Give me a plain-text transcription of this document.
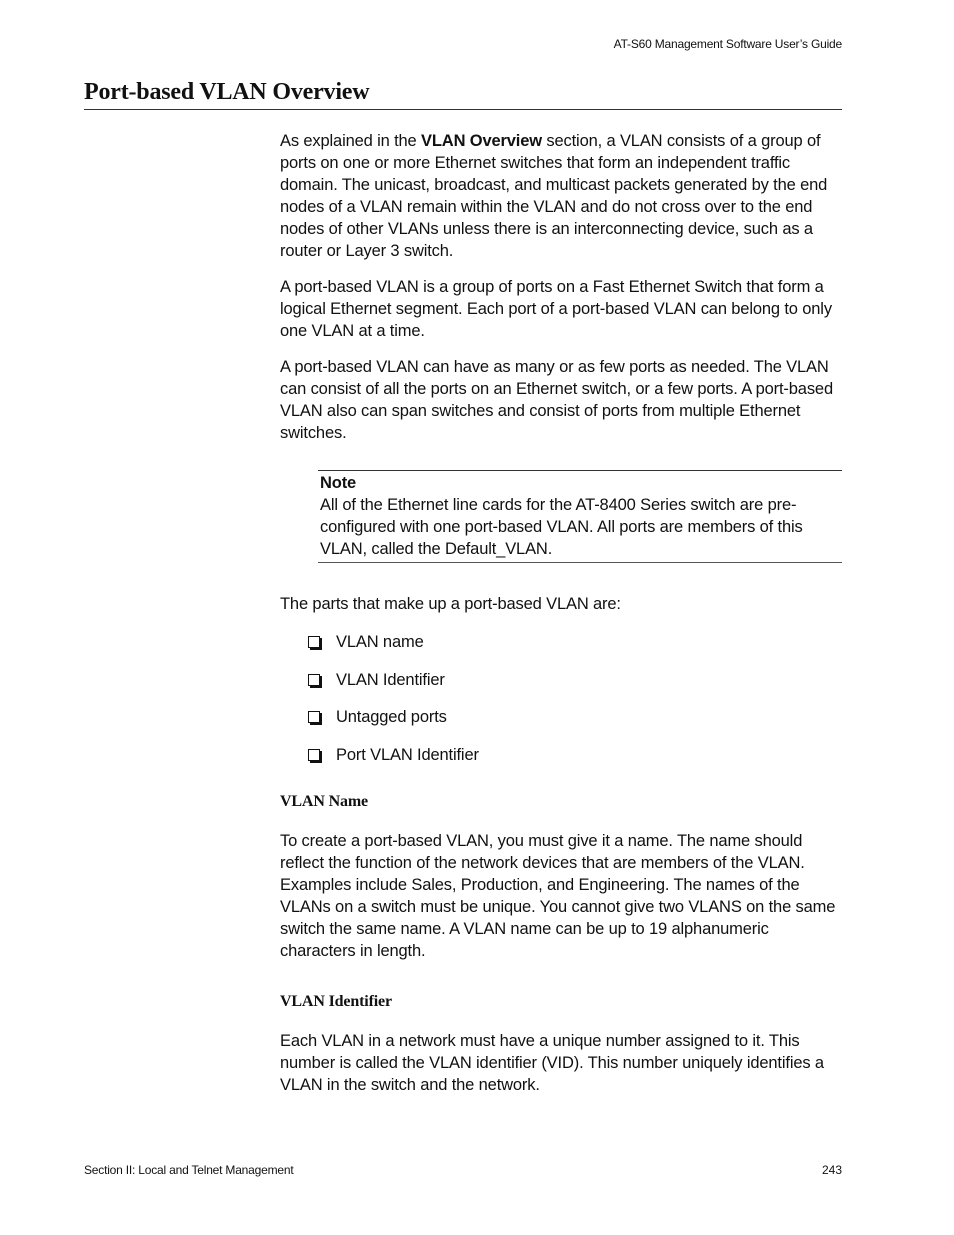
AT-S60 Management Software User’s Guide
Port-based VLAN Overview

As explained in the VLAN Overview section, a VLAN consists of a group of ports on one or more Ethernet switches that form an independent traffic domain. The unicast, broadcast, and multicast packets generated by the end nodes of a VLAN remain within the VLAN and do not cross over to the end nodes of other VLANs unless there is an interconnecting device, such as a router or Layer 3 switch.

A port-based VLAN is a group of ports on a Fast Ethernet Switch that form a logical Ethernet segment. Each port of a port-based VLAN can belong to only one VLAN at a time.

A port-based VLAN can have as many or as few ports as needed. The VLAN can consist of all the ports on an Ethernet switch, or a few ports. A port-based VLAN also can span switches and consist of ports from multiple Ethernet switches.

Note
All of the Ethernet line cards for the AT-8400 Series switch are pre-configured with one port-based VLAN. All ports are members of this VLAN, called the Default_VLAN.

The parts that make up a port-based VLAN are:

VLAN name
VLAN Identifier
Untagged ports
Port VLAN Identifier
VLAN Name

To create a port-based VLAN, you must give it a name. The name should reflect the function of the network devices that are members of the VLAN. Examples include Sales, Production, and Engineering. The names of the VLANs on a switch must be unique. You cannot give two VLANS on the same switch the same name. A VLAN name can be up to 19 alphanumeric characters in length.

VLAN Identifier

Each VLAN in a network must have a unique number assigned to it. This number is called the VLAN identifier (VID). This number uniquely identifies a VLAN in the switch and the network.

Section II: Local and Telnet Management	243
